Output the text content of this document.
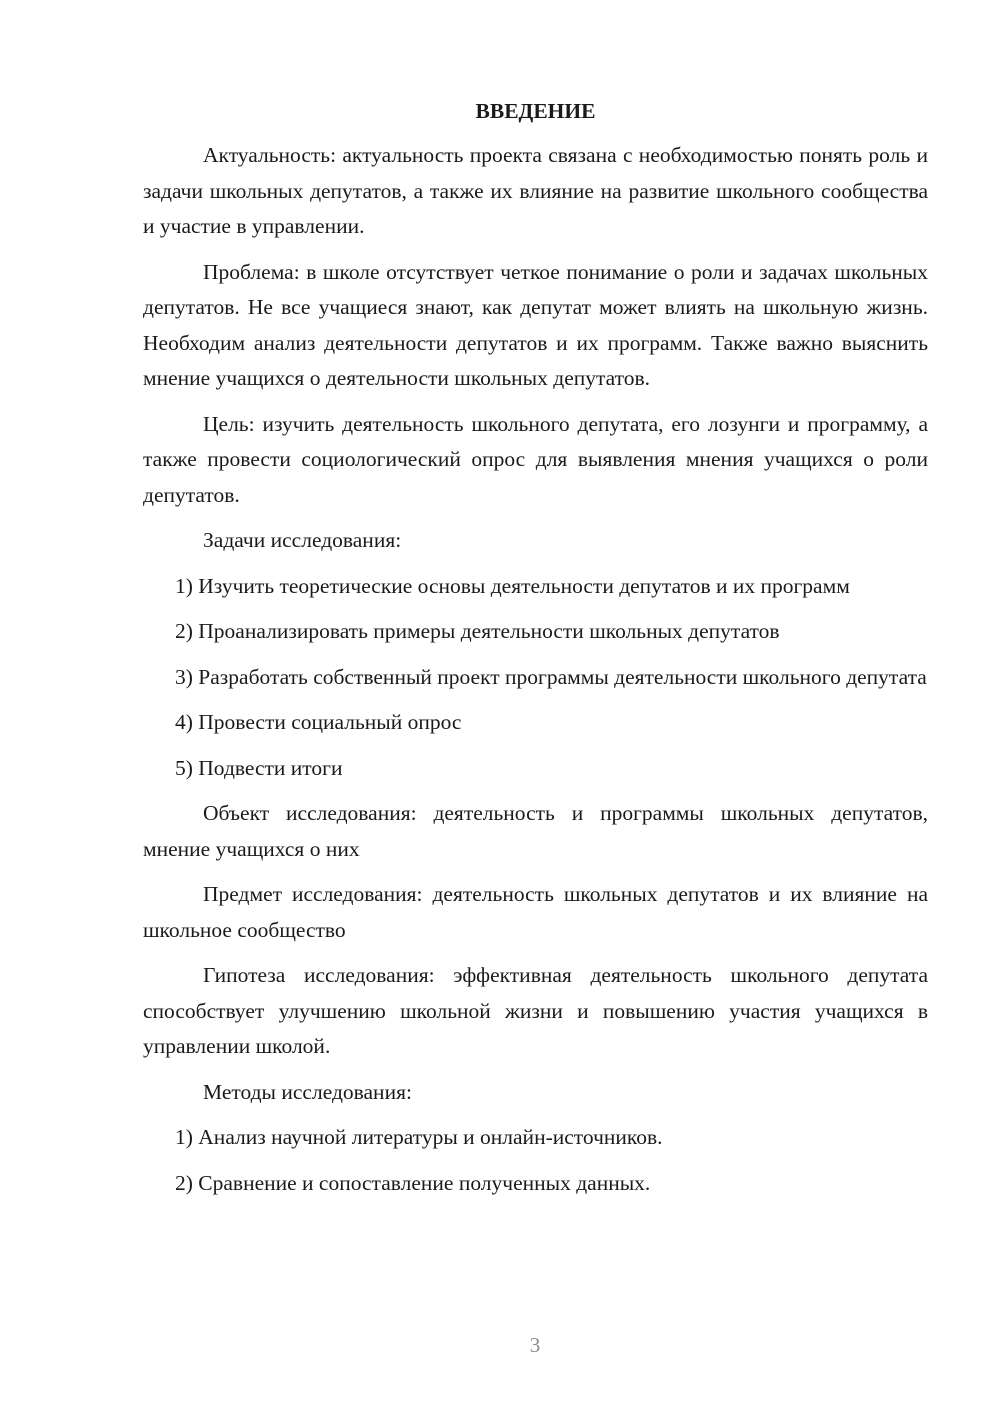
ВВЕДЕНИЕ

Актуальность: актуальность проекта связана с необходимостью понять роль и задачи школьных депутатов, а также их влияние на развитие школьного сообщества и участие в управлении.

Проблема: в школе отсутствует четкое понимание о роли и задачах школьных депутатов. Не все учащиеся знают, как депутат может влиять на школьную жизнь. Необходим анализ деятельности депутатов и их программ. Также важно выяснить мнение учащихся о деятельности школьных депутатов.

Цель: изучить деятельность школьного депутата, его лозунги и программу, а также провести социологический опрос для выявления мнения учащихся о роли депутатов.

Задачи исследования:

1) Изучить теоретические основы деятельности депутатов и их программ

2) Проанализировать примеры деятельности школьных депутатов

3) Разработать собственный проект программы деятельности школьного депутата

4) Провести социальный опрос

5) Подвести итоги

Объект исследования: деятельность и программы школьных депутатов, мнение учащихся о них

Предмет исследования: деятельность школьных депутатов и их влияние на школьное сообщество

Гипотеза исследования: эффективная деятельность школьного депутата способствует улучшению школьной жизни и повышению участия учащихся в управлении школой.

Методы исследования:

1) Анализ научной литературы и онлайн-источников.

2) Сравнение и сопоставление полученных данных.

3
